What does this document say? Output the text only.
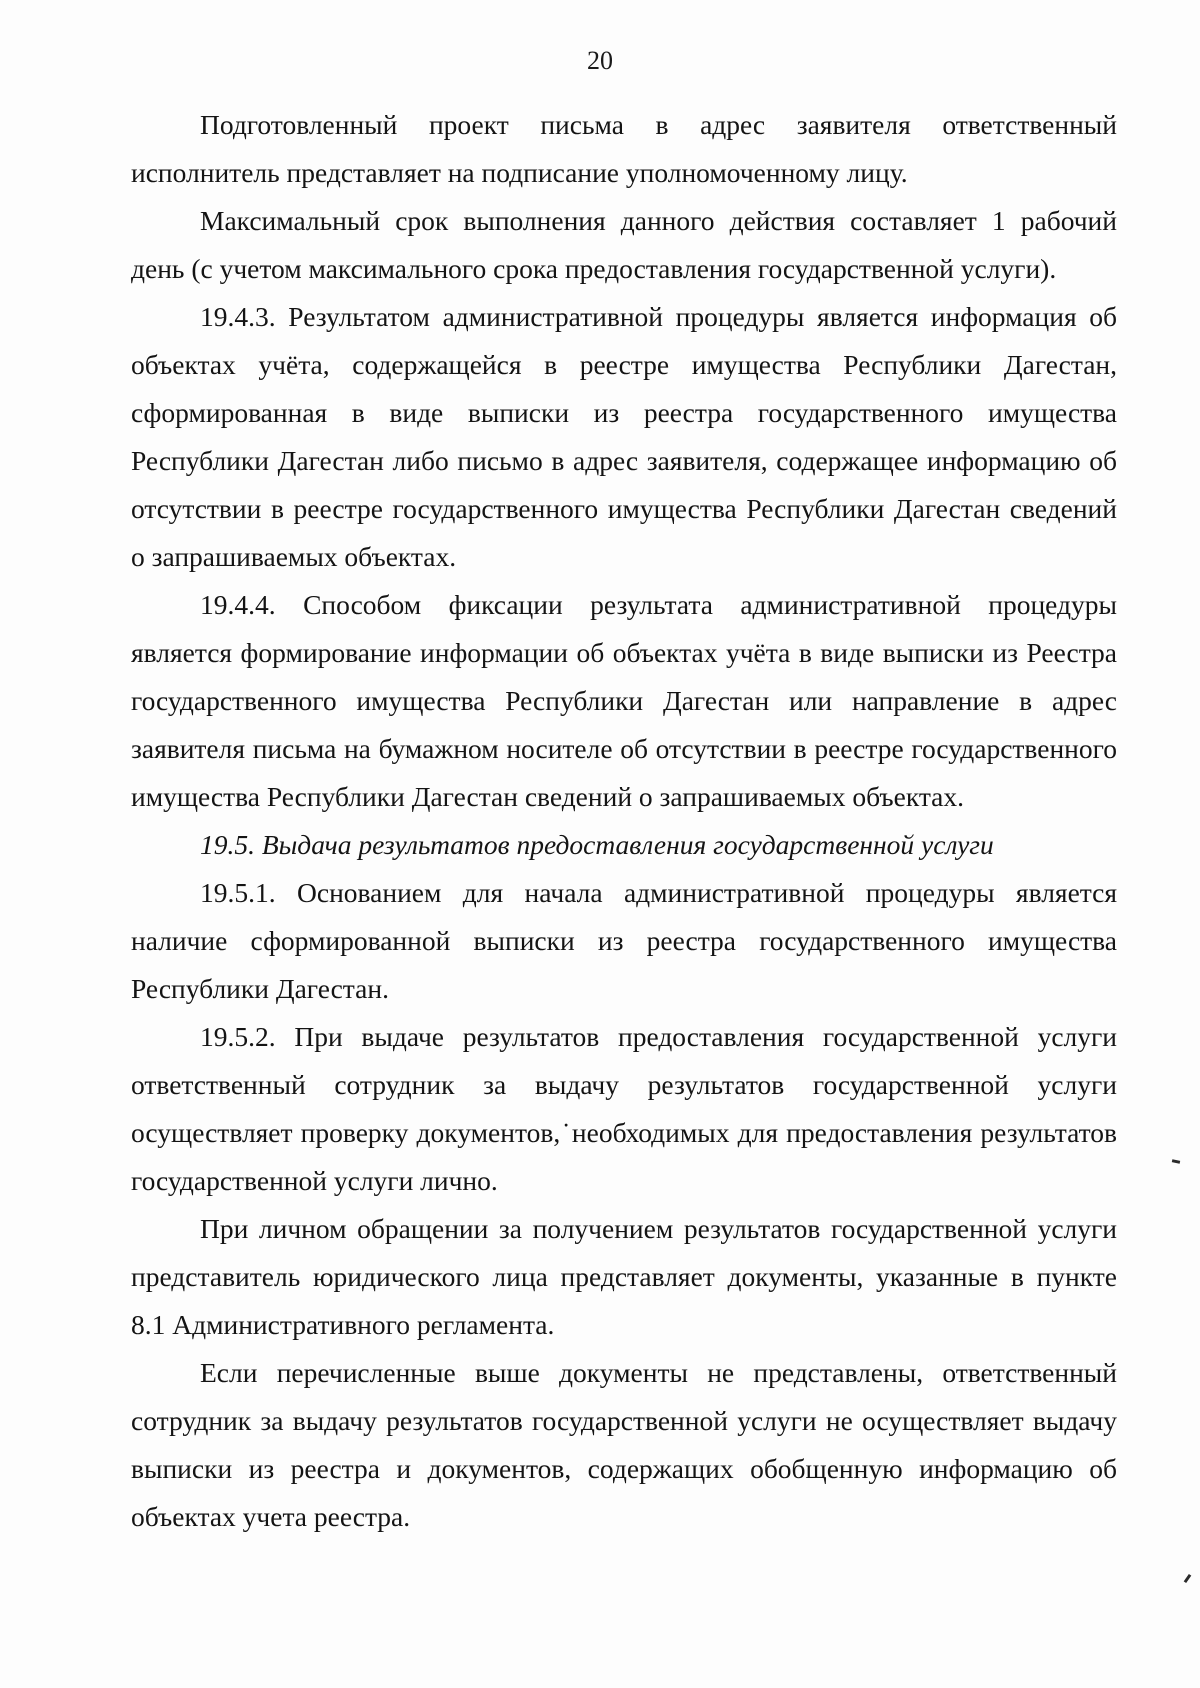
20

Подготовленный проект письма в адрес заявителя ответственный исполнитель представляет на подписание уполномоченному лицу.

Максимальный срок выполнения данного действия составляет 1 рабочий день (с учетом максимального срока предоставления государственной услуги).

19.4.3. Результатом административной процедуры является информация об объектах учёта, содержащейся в реестре имущества Республики Дагестан, сформированная в виде выписки из реестра государственного имущества Республики Дагестан либо письмо в адрес заявителя, содержащее информацию об отсутствии в реестре государственного имущества Республики Дагестан сведений о запрашиваемых объектах.

19.4.4. Способом фиксации результата административной процедуры является формирование информации об объектах учёта в виде выписки из Реестра государственного имущества Республики Дагестан или направление в адрес заявителя письма на бумажном носителе об отсутствии в реестре государственного имущества Республики Дагестан сведений о запрашиваемых объектах.

19.5. Выдача результатов предоставления государственной услуги

19.5.1. Основанием для начала административной процедуры является наличие сформированной выписки из реестра государственного имущества Республики Дагестан.

19.5.2. При выдаче результатов предоставления государственной услуги ответственный сотрудник за выдачу результатов государственной услуги осуществляет проверку документов,˙необходимых для предоставления результатов государственной услуги лично.

При личном обращении за получением результатов государственной услуги представитель юридического лица представляет документы, указанные в пункте 8.1 Административного регламента.

Если перечисленные выше документы не представлены, ответственный сотрудник за выдачу результатов государственной услуги не осуществляет выдачу выписки из реестра и документов, содержащих обобщенную информацию об объектах учета реестра.
